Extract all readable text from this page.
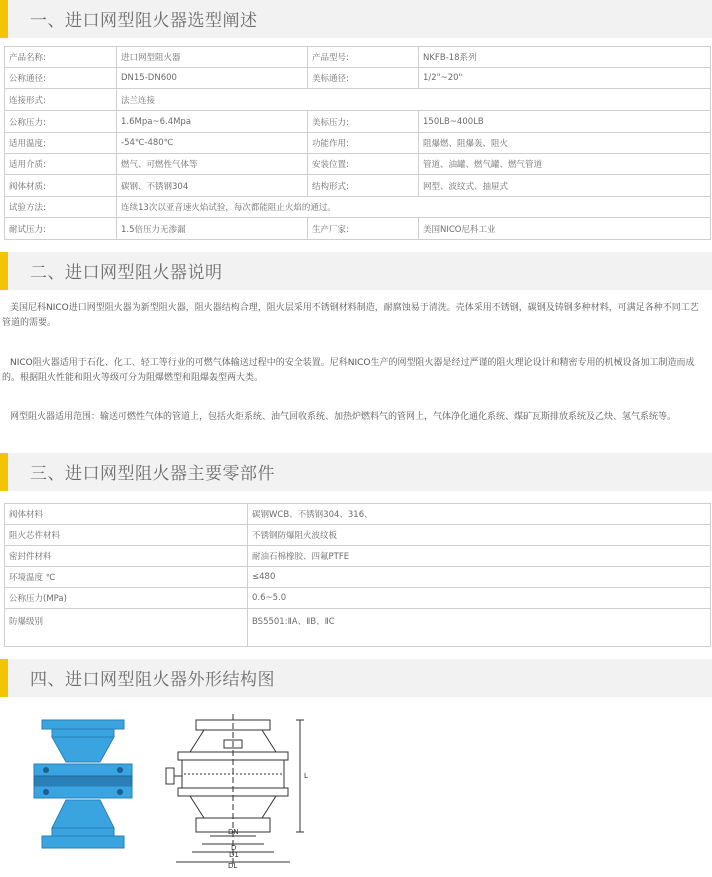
一、进口网型阻火器选型阐述
产品名称:	进口网型阻火器	产品型号:	NKFB-18系列
公称通径:	DN15-DN600	美标通径:	1/2"~20"
连接形式:	法兰连接		
公称压力:	1.6Mpa~6.4Mpa	美标压力:	150LB~400LB
适用温度:	-54℃-480℃	功能作用:	阻爆燃、阻爆轰、阻火
适用介质:	燃气、可燃性气体等	安装位置:	管道、油罐、燃气罐、燃气管道
阀体材质:	碳钢、不锈钢304	结构形式:	网型、波纹式、抽屉式
试验方法:	连续13次以亚音速火焰试验，每次都能阻止火焰的通过。		
耐试压力:	1.5倍压力无渗漏	生产厂家:	美国NICO尼科工业
二、进口网型阻火器说明

美国尼科NICO进口网型阻火器为新型阻火器，阻火器结构合理，阻火层采用不锈钢材料制造，耐腐蚀易于清洗。壳体采用不锈钢，碳钢及铸钢多种材料，可满足各种不同工艺管道的需要。

NICO阻火器适用于石化、化工、轻工等行业的可燃气体输送过程中的安全装置。尼科NICO生产的网型阻火器是经过严谨的阻火理论设计和精密专用的机械设备加工制造而成的。根据阻火性能和阻火等级可分为阻爆燃型和阻爆轰型两大类。

网型阻火器适用范围：输送可燃性气体的管道上，包括火炬系统、油气回收系统、加热炉燃料气的管网上，气体净化通化系统、煤矿瓦斯排放系统及乙炔、氢气系统等。

三、进口网型阻火器主要零部件
阀体材料	碳钢WCB、不锈钢304、316、
阻火芯件材料	不锈钢防爆阻火波纹板
密封件材料	耐油石棉橡胶、四氟PTFE
环境温度 ℃	≤480
公称压力(MPa)	0.6~5.0
防爆级别	BS5501:ⅡA、ⅡB、ⅡC
四、进口网型阻火器外形结构图
DN
D
D1
DL
L
